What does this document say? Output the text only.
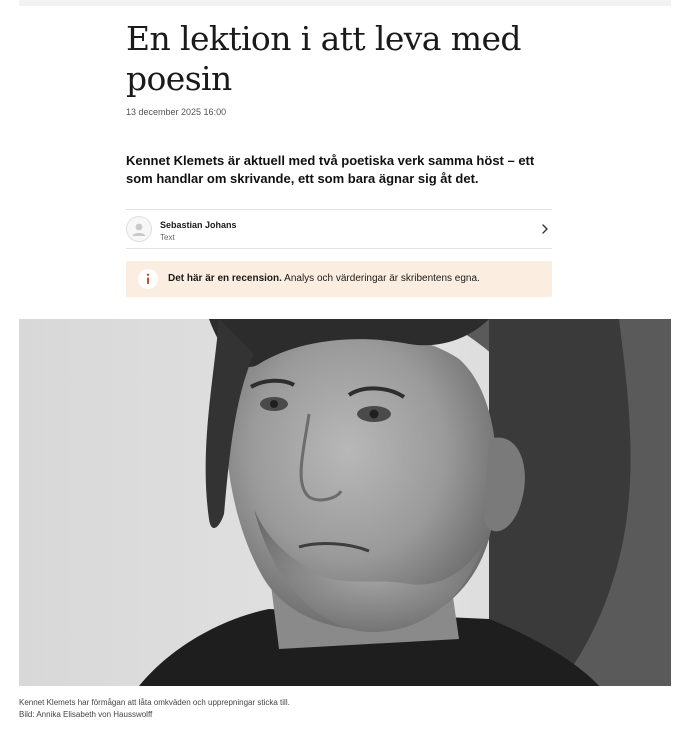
En lektion i att leva med poesin
13 december 2025 16:00

Kennet Klemets är aktuell med två poetiska verk samma höst – ett som handlar om skrivande, ett som bara ägnar sig åt det.

Sebastian Johans
Text
Det här är en recension. Analys och värderingar är skribentens egna.
Kennet Klemets har förmågan att låta omkväden och upprepningar sticka till.
Bild: Annika Elisabeth von Hausswolff
